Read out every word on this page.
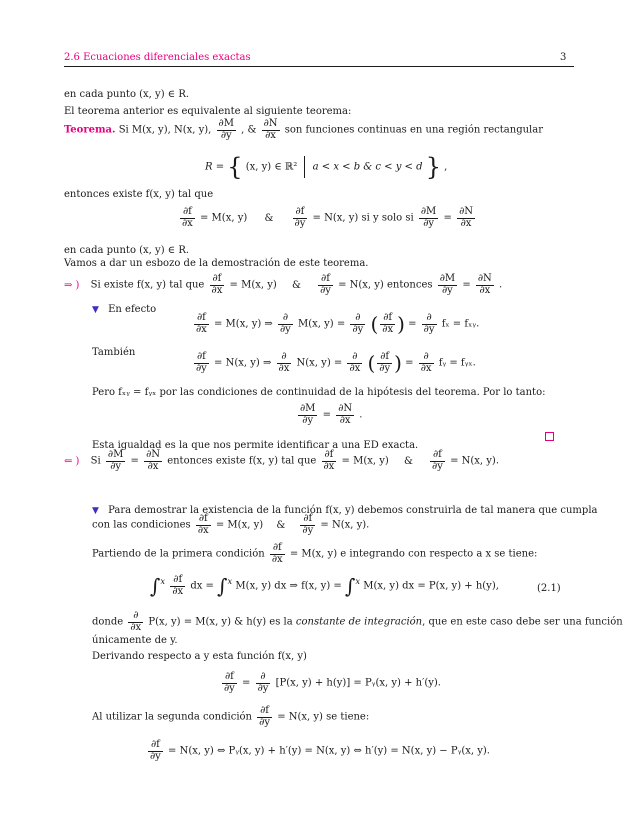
2.6 Ecuaciones diferenciales exactas	3
en cada punto (x, y) ∈ R.
El teorema anterior es equivalente al siguiente teorema:
Teorema. Si M(x, y), N(x, y), $\frac{\partial M}{\partial y}$ , & $\frac{\partial N}{\partial x}$ son funciones continuas en una región rectangular
R = { (x, y) ∈ ℝ² a < x < b & c < y < d } ,
entonces existe f(x, y) tal que
$\frac{\partial f}{\partial x} = M(x$, y) & $\frac{\partial f}{\partial y} = N(x$, y) si y solo si $\frac{\partial M}{\partial y} = \frac{\partial N}{\partial x}$
en cada punto (x, y) ∈ R.
Vamos a dar un esbozo de la demostración de este teorema.
⇒ ) Si existe f(x, y) tal que $\frac{\partial f}{\partial x} = M(x$, y) & $\frac{\partial f}{\partial y} = N(x$, y) entonces $\frac{\partial M}{\partial y} = \frac{\partial N}{\partial x}$ .
▼ En efecto
$\frac{\partial f}{\partial x} = M(x$, y) ⇒ $\frac{\partial}{\partial y} M(x$, $y) = \frac{\partial}{\partial y}$ ( $\frac{\partial f}{\partial x}$ ) = $\frac{\partial}{\partial y}$ fₓ = fₓᵧ.
También	$\frac{\partial f}{\partial y} = N(x$, y) ⇒ $\frac{\partial}{\partial x} N(x$, $y) = \frac{\partial}{\partial x}$ ( $\frac{\partial f}{\partial y}$ ) = $\frac{\partial}{\partial x}$ fᵧ = fᵧₓ.
Pero fₓᵧ = fᵧₓ por las condiciones de continuidad de la hipótesis del teorema. Por lo tanto:
$\frac{\partial M}{\partial y} = \frac{\partial N}{\partial x}$ .
Esta igualdad es la que nos permite identificar a una ED exacta.
⇐ ) Si $\frac{\partial M}{\partial y} = \frac{\partial N}{\partial x}$ entonces existe f(x, y) tal que $\frac{\partial f}{\partial x} = M(x$, y) & $\frac{\partial f}{\partial y} = N(x$, y).
▼ Para demostrar la existencia de la función f(x, y) debemos construirla de tal manera que cumpla
con las condiciones $\frac{\partial f}{\partial x} = M(x$, y) & $\frac{\partial f}{\partial y} = N(x$, y).
Partiendo de la primera condición $\frac{\partial f}{\partial x} = M(x$, y) e integrando con respecto a x se tiene:
$\int^x \frac{\partial f}{\partial x}$ dx = ∫$^x$ M(x, y) dx ⇒ f(x, y) = ∫$^x$ M(x, y) dx = P(x, y) + h(y),	(2.1)
donde $\frac{\partial}{\partial x} P(x$, y) = M(x, y) & h(y) es la constante de integración, que en este caso debe ser una función
únicamente de y.
Derivando respecto a y esta función f(x, y)
$\frac{\partial f}{\partial y} = \frac{\partial}{\partial y} [P(x$, y) + h(y)] = Pᵧ(x, y) + h′(y).
Al utilizar la segunda condición $\frac{\partial f}{\partial y} = N(x$, y) se tiene:
$\frac{\partial f}{\partial y} = N(x$, y) ⇔ Pᵧ(x, y) + h′(y) = N(x, y) ⇔ h′(y) = N(x, y) − Pᵧ(x, y).
